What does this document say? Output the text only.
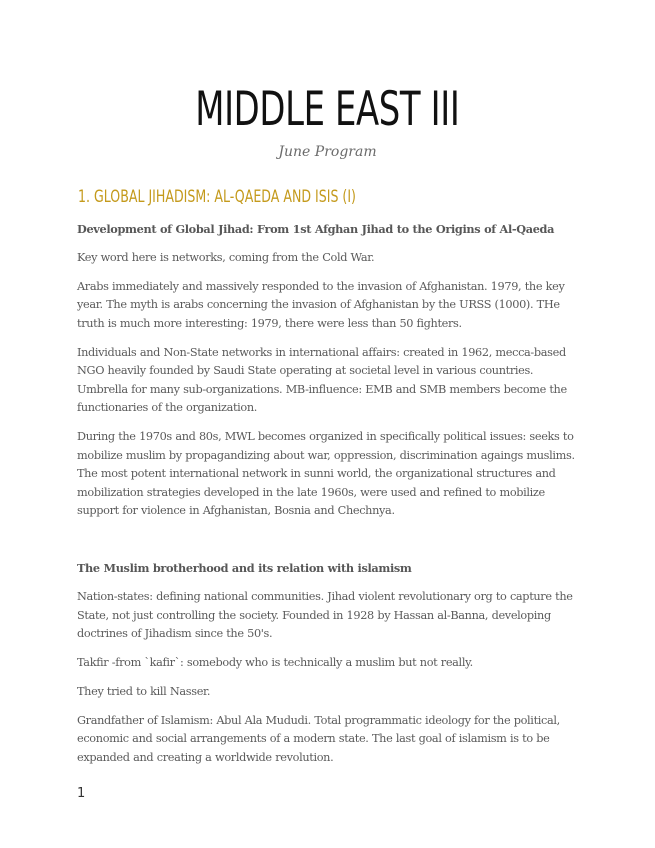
MIDDLE EAST III
June Program
1. GLOBAL JIHADISM: AL-QAEDA AND ISIS (I)

Development of Global Jihad: From 1st Afghan Jihad to the Origins of Al-Qaeda

Key word here is networks, coming from the Cold War.

Arabs immediately and massively responded to the invasion of Afghanistan. 1979, the key year. The myth is arabs concerning the invasion of Afghanistan by the URSS (1000). THe truth is much more interesting: 1979, there were less than 50 fighters.

Individuals and Non-State networks in international affairs: created in 1962, mecca-based NGO heavily founded by Saudi State operating at societal level in various countries. Umbrella for many sub-organizations. MB-influence: EMB and SMB members become the functionaries of the organization.

During the 1970s and 80s, MWL becomes organized in specifically political issues: seeks to mobilize muslim by propagandizing about war, oppression, discrimination agaings muslims. The most potent international network in sunni world, the organizational structures and mobilization strategies developed in the late 1960s, were used and refined to mobilize support for violence in Afghanistan, Bosnia and Chechnya.

The Muslim brotherhood and its relation with islamism

Nation-states: defining national communities. Jihad violent revolutionary org to capture the State, not just controlling the society. Founded in 1928 by Hassan al-Banna, developing doctrines of Jihadism since the 50's.

Takfir -from `kafir`: somebody who is technically a muslim but not really.

They tried to kill Nasser.

Grandfather of Islamism: Abul Ala Mududi. Total programmatic ideology for the political, economic and social arrangements of a modern state. The last goal of islamism is to be expanded and creating a worldwide revolution.

1
